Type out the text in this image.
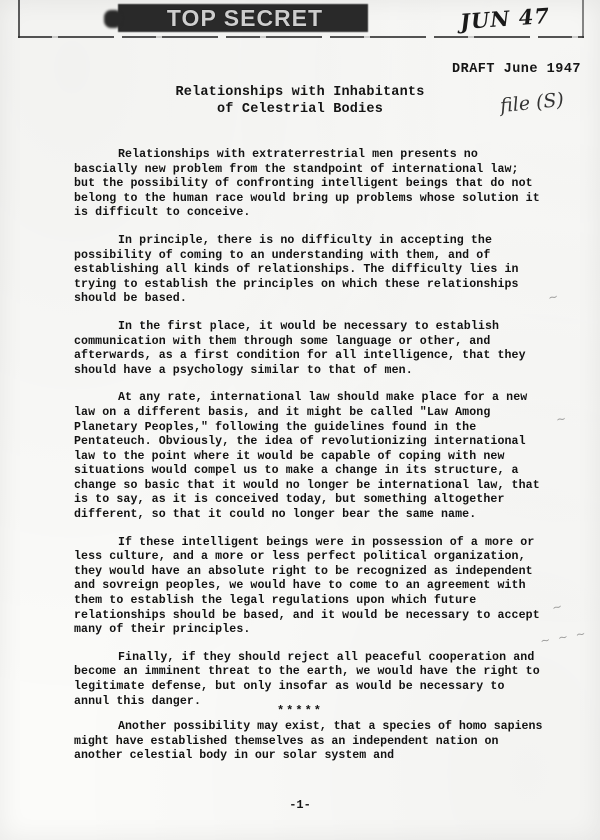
TOP SECRET	JUN 47
DRAFT June 1947
file (S)
Relationships with Inhabitants
of Celestrial Bodies

Relationships with extraterrestrial men presents no bascially new problem from the standpoint of international law; but the possibility of confronting intelligent beings that do not belong to the human race would bring up problems whose solution it is difficult to conceive.

In principle, there is no difficulty in accepting the possibility of coming to an understanding with them, and of establishing all kinds of relationships. The difficulty lies in trying to establish the principles on which these relationships should be based.

In the first place, it would be necessary to establish communication with them through some language or other, and afterwards, as a first condition for all intelligence, that they should have a psychology similar to that of men.

At any rate, international law should make place for a new law on a different basis, and it might be called "Law Among Planetary Peoples," following the guidelines found in the Pentateuch. Obviously, the idea of revolutionizing international law to the point where it would be capable of coping with new situations would compel us to make a change in its structure, a change so basic that it would no longer be international law, that is to say, as it is conceived today, but something altogether different, so that it could no longer bear the same name.

If these intelligent beings were in possession of a more or less culture, and a more or less perfect political organization, they would have an absolute right to be recognized as independent and sovreign peoples, we would have to come to an agreement with them to establish the legal regulations upon which future relationships should be based, and it would be necessary to accept many of their principles.

Finally, if they should reject all peaceful cooperation and become an imminent threat to the earth, we would have the right to legitimate defense, but only insofar as would be necessary to annul this danger.

*****
Another possibility may exist, that a species of homo sapiens might have established themselves as an independent nation on another celestial body in our solar system and
-1-
~
~
~
~ ~ ~
